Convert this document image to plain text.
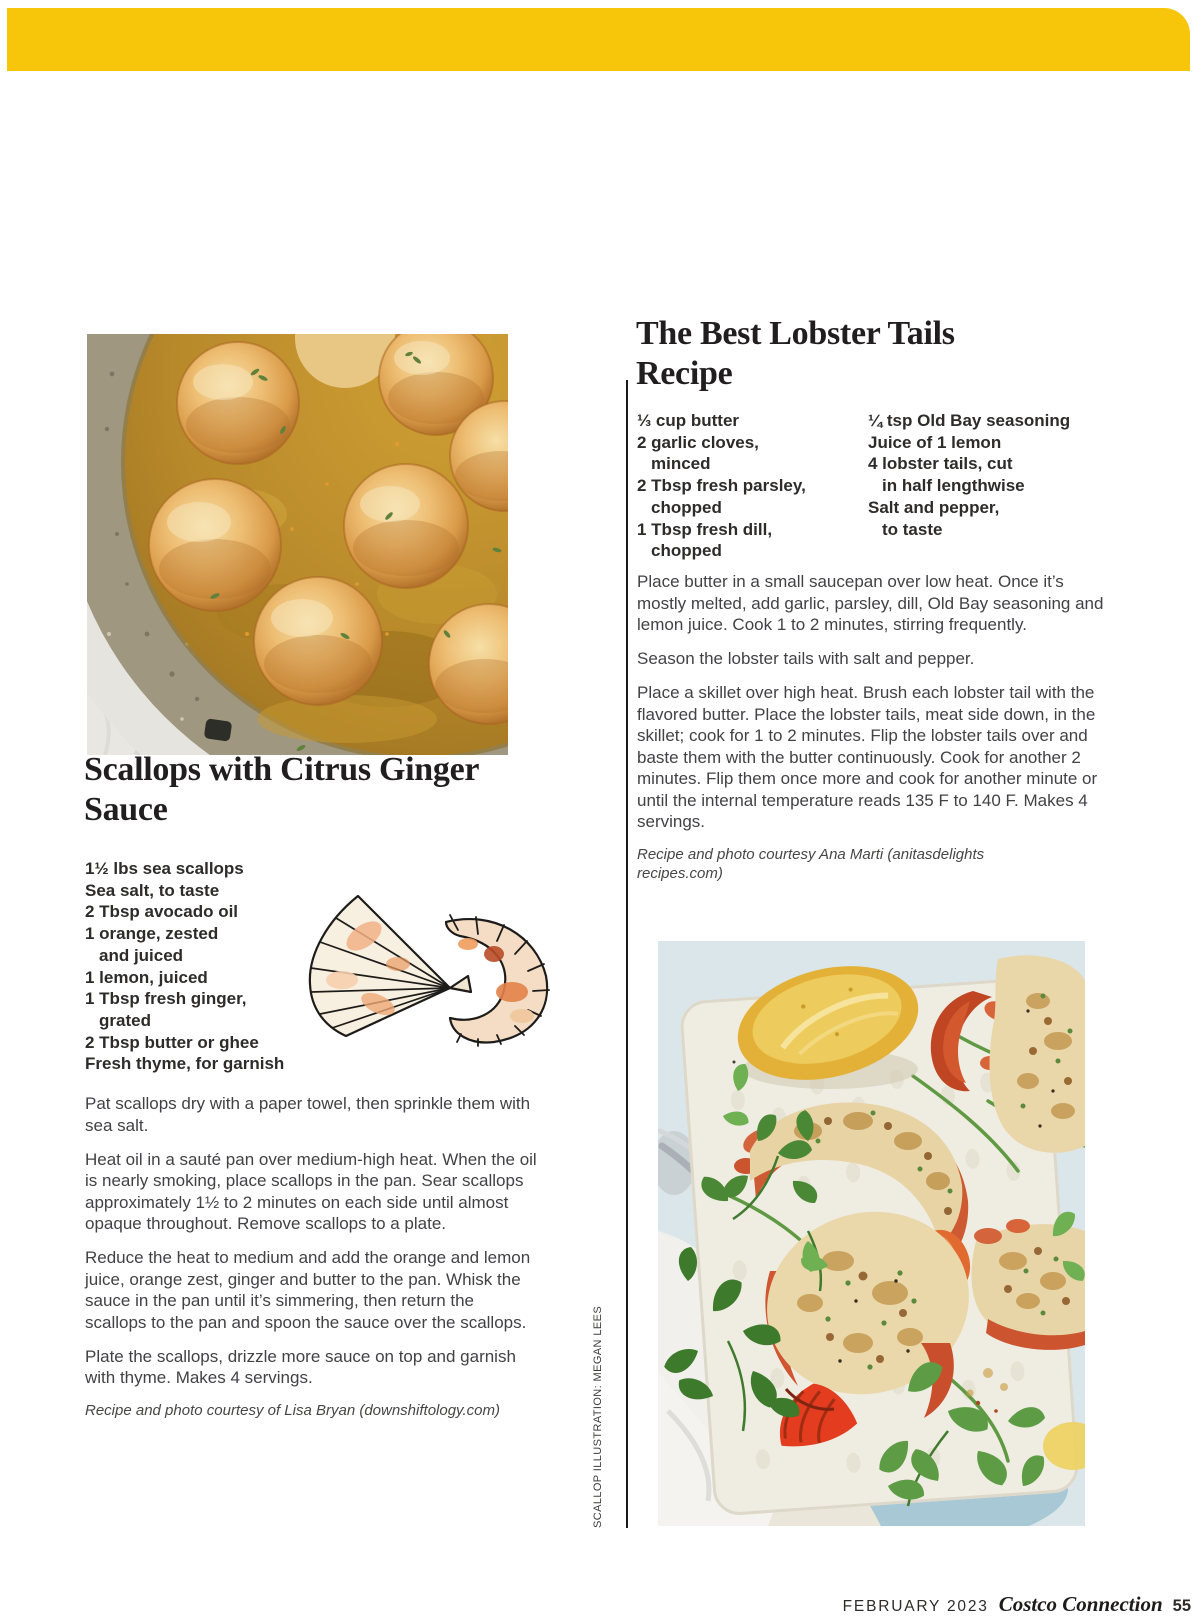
Scallops with Citrus Ginger Sauce
1½ lbs sea scallops
Sea salt, to taste
2 Tbsp avocado oil
1 orange, zested
and juiced
1 lemon, juiced
1 Tbsp fresh ginger,
grated
2 Tbsp butter or ghee
Fresh thyme, for garnish

Pat scallops dry with a paper towel, then sprinkle them with sea salt.

Heat oil in a sauté pan over medium-high heat. When the oil is nearly smoking, place scallops in the pan. Sear scallops approximately 1½ to 2 minutes on each side until almost opaque throughout. Remove scallops to a plate.

Reduce the heat to medium and add the orange and lemon juice, orange zest, ginger and butter to the pan. Whisk the sauce in the pan until it’s simmering, then return the scallops to the pan and spoon the sauce over the scallops.

Plate the scallops, drizzle more sauce on top and garnish with thyme. Makes 4 servings.

Recipe and photo courtesy of Lisa Bryan (downshiftology.com)	SCALLOP ILLUSTRATION: MEGAN LEES
The Best Lobster Tails Recipe
⅓ cup butter
2 garlic cloves,
minced
2 Tbsp fresh parsley,
chopped
1 Tbsp fresh dill,
chopped
¼ tsp Old Bay seasoning
Juice of 1 lemon
4 lobster tails, cut
in half lengthwise
Salt and pepper,
to taste

Place butter in a small saucepan over low heat. Once it’s mostly melted, add garlic, parsley, dill, Old Bay seasoning and lemon juice. Cook 1 to 2 minutes, stirring frequently.

Season the lobster tails with salt and pepper.

Place a skillet over high heat. Brush each lobster tail with the flavored butter. Place the lobster tails, meat side down, in the skillet; cook for 1 to 2 minutes. Flip the lobster tails over and baste them with the butter continuously. Cook for another 2 minutes. Flip them once more and cook for another minute or until the internal temperature reads 135 F to 140 F. Makes 4 servings.

Recipe and photo courtesy Ana Marti (anitasdelights
recipes.com)
FEBRUARY 2023 Costco Connection 55
